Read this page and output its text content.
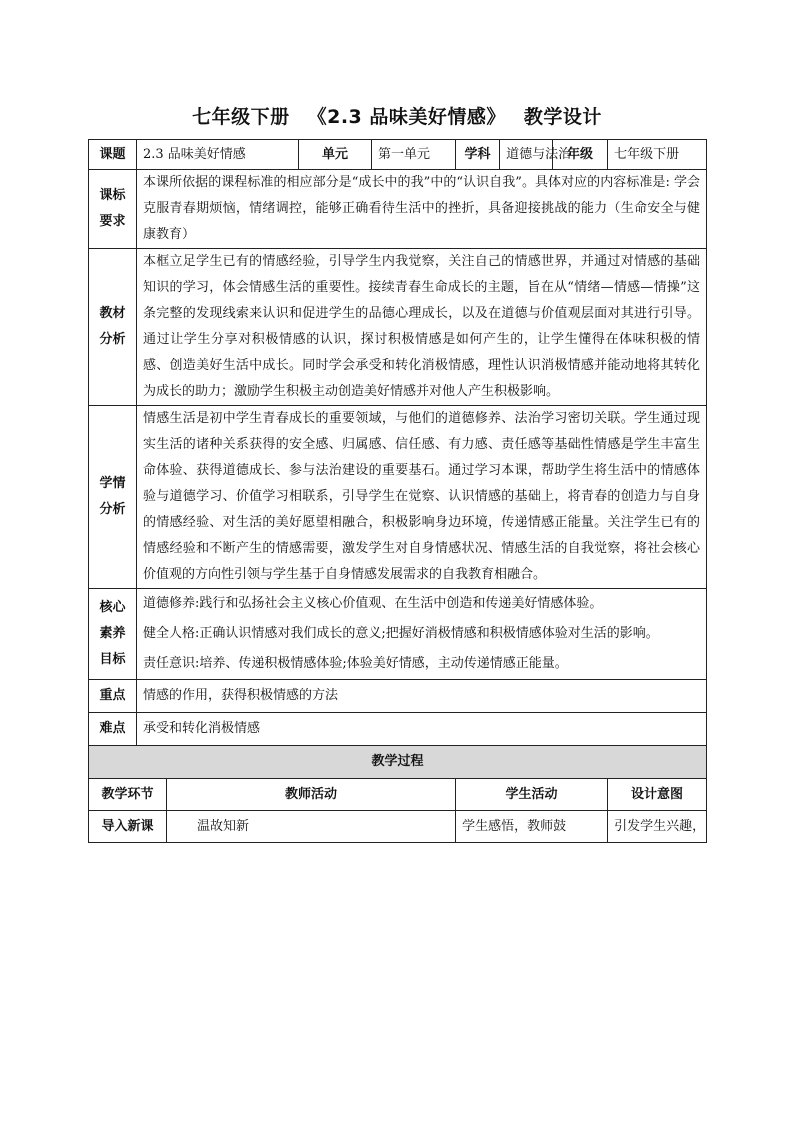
七年级下册 《2.3 品味美好情感》 教学设计
课题	2.3 品味美好情感		单元	第一单元	学科	道德与法治	年级	七年级下册

课标
要求	本课所依据的课程标准的相应部分是“成长中的我”中的“认识自我”。具体对应的内容标准是: 学会克服青春期烦恼，情绪调控，能够正确看待生活中的挫折，具备迎接挑战的能力（生命安全与健康教育）							

教材
分析	本框立足学生已有的情感经验，引导学生内我觉察，关注自己的情感世界，并通过对情感的基础知识的学习，体会情感生活的重要性。接续青春生命成长的主题，旨在从“情绪—情感—情操”这条完整的发现线索来认识和促进学生的品德心理成长，以及在道德与价值观层面对其进行引导。通过让学生分享对积极情感的认识，探讨积极情感是如何产生的，让学生懂得在体味积极的情感、创造美好生活中成长。同时学会承受和转化消极情感，理性认识消极情感并能动地将其转化为成长的助力；激励学生积极主动创造美好情感并对他人产生积极影响。							

学情
分析	情感生活是初中学生青春成长的重要领域，与他们的道德修养、法治学习密切关联。学生通过现实生活的诸种关系获得的安全感、归属感、信任感、有力感、责任感等基础性情感是学生丰富生命体验、获得道德成长、参与法治建设的重要基石。通过学习本课，帮助学生将生活中的情感体验与道德学习、价值学习相联系，引导学生在觉察、认识情感的基础上，将青春的创造力与自身的情感经验、对生活的美好愿望相融合，积极影响身边环境，传递情感正能量。关注学生已有的情感经验和不断产生的情感需要，激发学生对自身情感状况、情感生活的自我觉察，将社会核心价值观的方向性引领与学生基于自身情感发展需求的自我教育相融合。							

核心
素养
目标	道德修养:践行和弘扬社会主义核心价值观、在生活中创造和传递美好情感体验。
健全人格:正确认识情感对我们成长的意义;把握好消极情感和积极情感体验对生活的影响。
责任意识:培养、传递积极情感体验;体验美好情感，主动传递情感正能量。							

重点	情感的作用，获得积极情感的方法							
难点	承受和转化消极情感							
教学过程								
教学环节		教师活动			学生活动			设计意图
导入新课		温故知新			学生感悟，教师鼓			引发学生兴趣，
